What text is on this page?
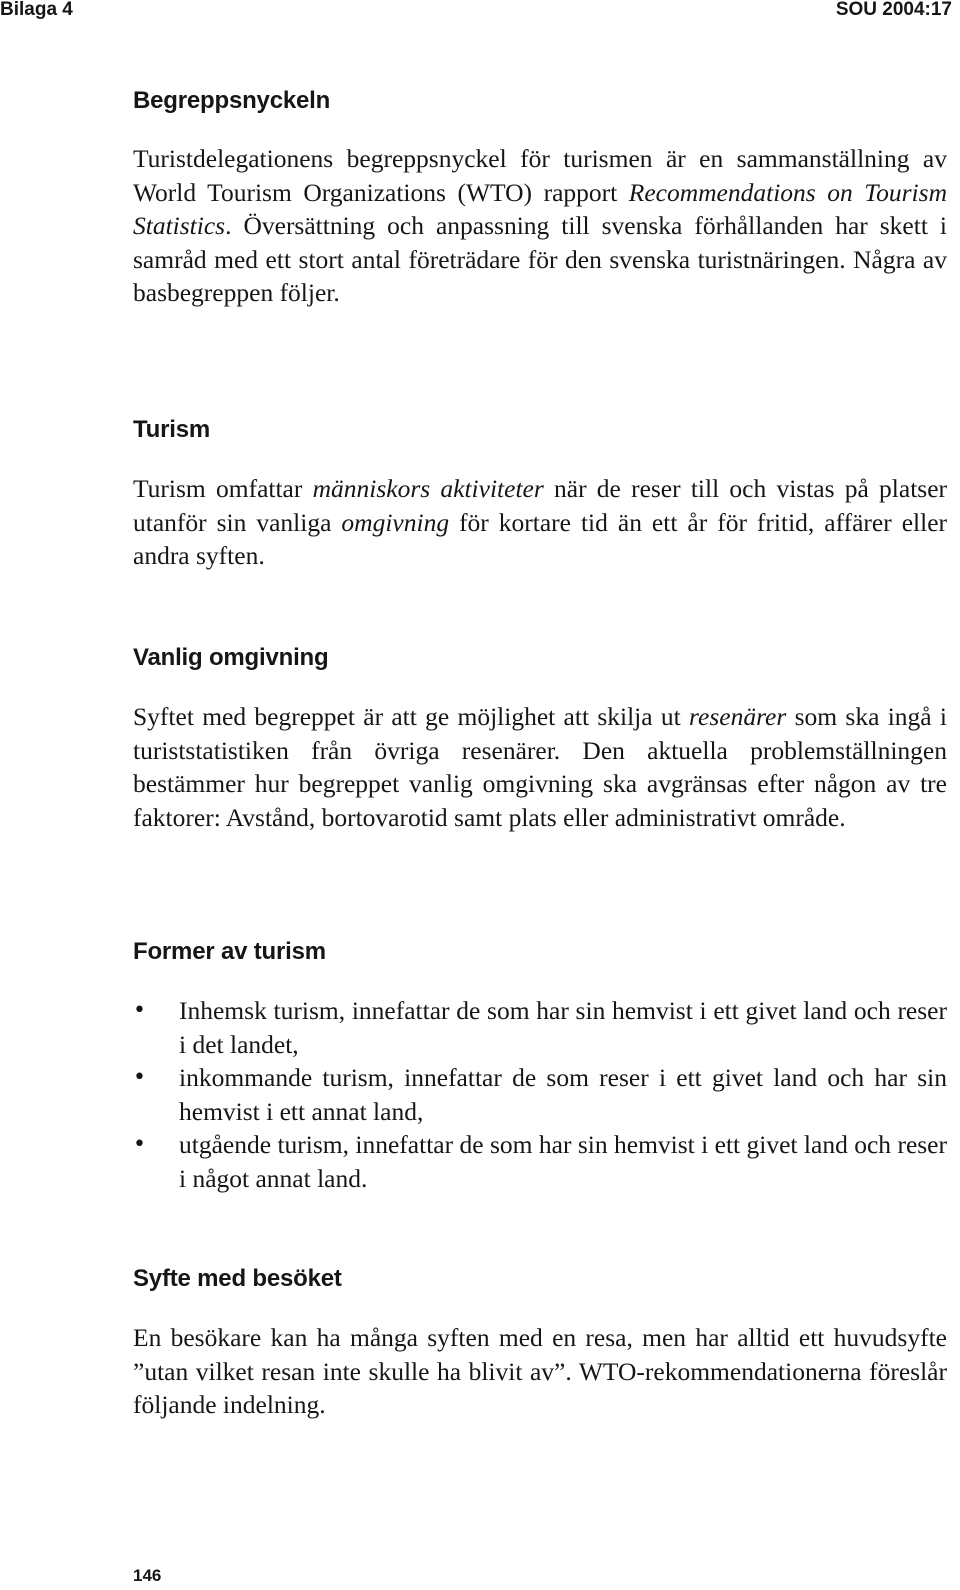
Bilaga 4	SOU 2004:17
Begreppsnyckeln

Turistdelegationens begreppsnyckel för turismen är en sammanställning av World Tourism Organizations (WTO) rapport Recommendations on Tourism Statistics. Översättning och anpassning till svenska förhållanden har skett i samråd med ett stort antal företrädare för den svenska turistnäringen. Några av basbegreppen följer.

Turism

Turism omfattar människors aktiviteter när de reser till och vistas på platser utanför sin vanliga omgivning för kortare tid än ett år för fritid, affärer eller andra syften.

Vanlig omgivning

Syftet med begreppet är att ge möjlighet att skilja ut resenärer som ska ingå i turiststatistiken från övriga resenärer. Den aktuella problemställningen bestämmer hur begreppet vanlig omgivning ska avgränsas efter någon av tre faktorer: Avstånd, bortovarotid samt plats eller administrativt område.

Former av turism
• Inhemsk turism, innefattar de som har sin hemvist i ett givet land och reser i det landet,
• inkommande turism, innefattar de som reser i ett givet land och har sin hemvist i ett annat land,
• utgående turism, innefattar de som har sin hemvist i ett givet land och reser i något annat land.
Syfte med besöket

En besökare kan ha många syften med en resa, men har alltid ett huvudsyfte ”utan vilket resan inte skulle ha blivit av”. WTO-rekommendationerna föreslår följande indelning.

146
